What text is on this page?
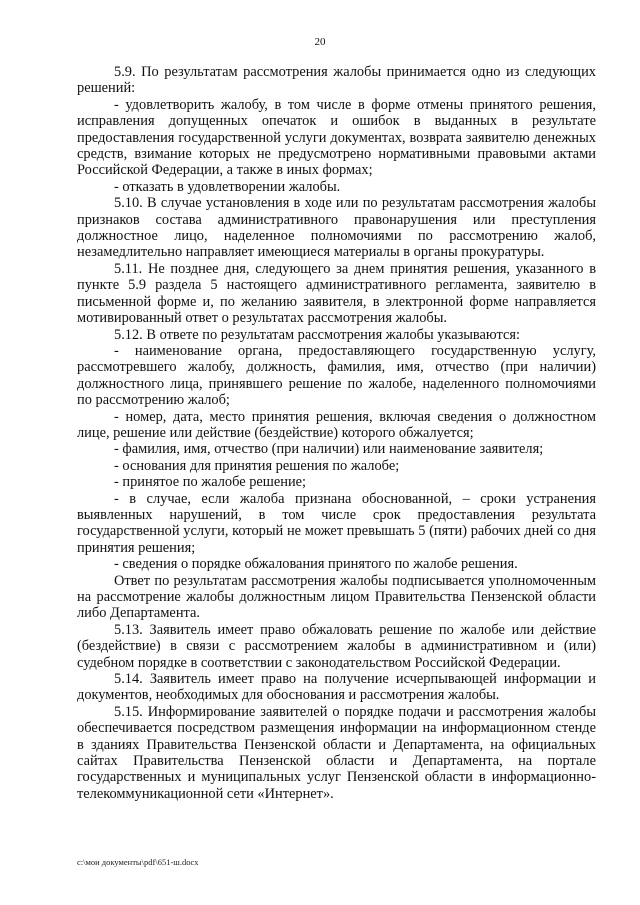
20

5.9. По результатам рассмотрения жалобы принимается одно из следующих решений:

- удовлетворить жалобу, в том числе в форме отмены принятого решения, исправления допущенных опечаток и ошибок в выданных в результате предоставления государственной услуги документах, возврата заявителю денежных средств, взимание которых не предусмотрено нормативными правовыми актами Российской Федерации, а также в иных формах;

- отказать в удовлетворении жалобы.

5.10. В случае установления в ходе или по результатам рассмотрения жалобы признаков состава административного правонарушения или преступления должностное лицо, наделенное полномочиями по рассмотрению жалоб, незамедлительно направляет имеющиеся материалы в органы прокуратуры.

5.11. Не позднее дня, следующего за днем принятия решения, указанного в пункте 5.9 раздела 5 настоящего административного регламента, заявителю в письменной форме и, по желанию заявителя, в электронной форме направляется мотивированный ответ о результатах рассмотрения жалобы.

5.12. В ответе по результатам рассмотрения жалобы указываются:

- наименование органа, предоставляющего государственную услугу, рассмотревшего жалобу, должность, фамилия, имя, отчество (при наличии) должностного лица, принявшего решение по жалобе, наделенного полномочиями по рассмотрению жалоб;

- номер, дата, место принятия решения, включая сведения о должностном лице, решение или действие (бездействие) которого обжалуется;

- фамилия, имя, отчество (при наличии) или наименование заявителя;

- основания для принятия решения по жалобе;

- принятое по жалобе решение;

- в случае, если жалоба признана обоснованной, – сроки устранения выявленных нарушений, в том числе срок предоставления результата государственной услуги, который не может превышать 5 (пяти) рабочих дней со дня принятия решения;

- сведения о порядке обжалования принятого по жалобе решения.

Ответ по результатам рассмотрения жалобы подписывается уполномоченным на рассмотрение жалобы должностным лицом Правительства Пензенской области либо Департамента.

5.13. Заявитель имеет право обжаловать решение по жалобе или действие (бездействие) в связи с рассмотрением жалобы в административном и (или) судебном порядке в соответствии с законодательством Российской Федерации.

5.14. Заявитель имеет право на получение исчерпывающей информации и документов, необходимых для обоснования и рассмотрения жалобы.

5.15. Информирование заявителей о порядке подачи и рассмотрения жалобы обеспечивается посредством размещения информации на информационном стенде в зданиях Правительства Пензенской области и Департамента, на официальных сайтах Правительства Пензенской области и Департамента, на портале государственных и муниципальных услуг Пензенской области в информационно-телекоммуникационной сети «Интернет».

c:\мои документы\pdf\651-ш.docx
